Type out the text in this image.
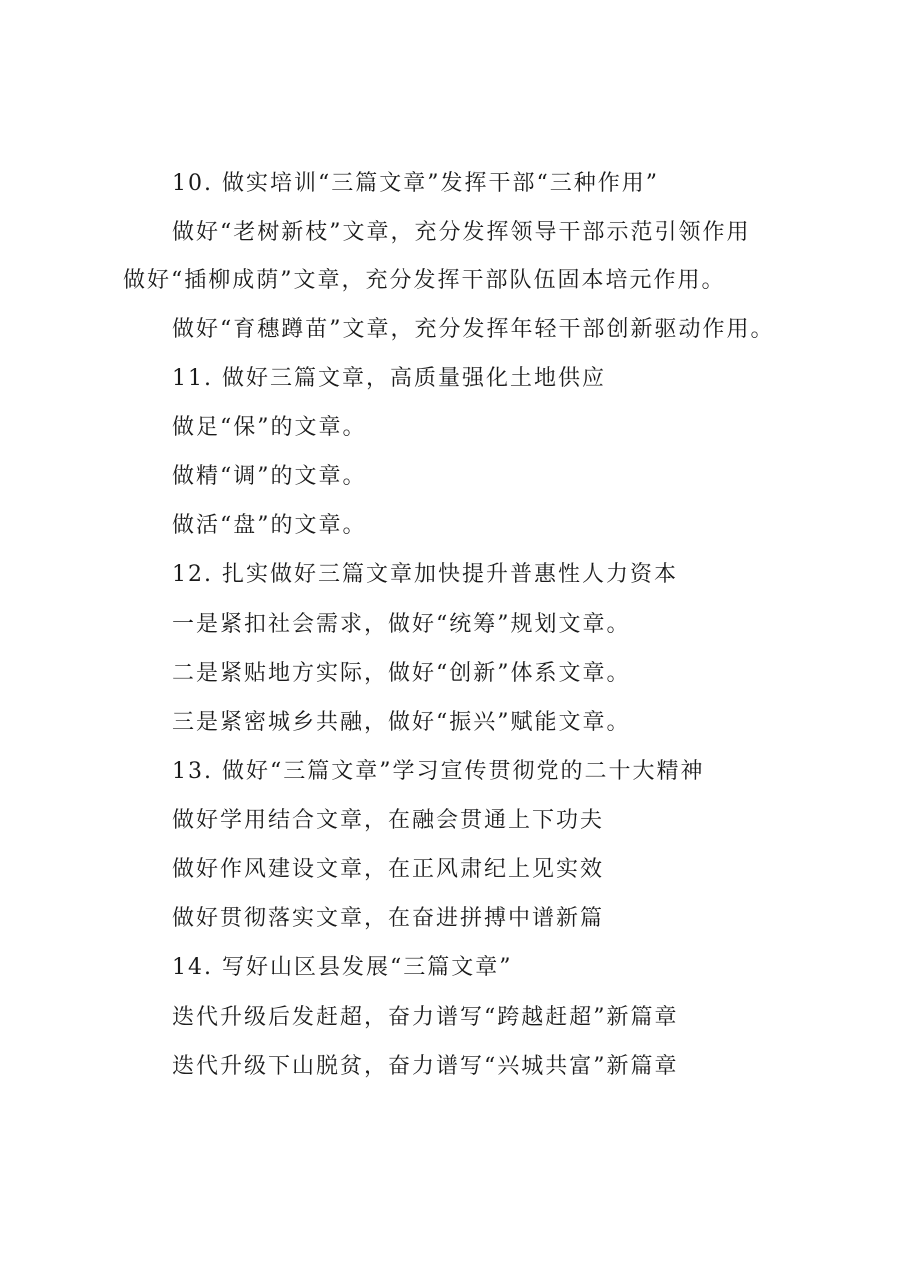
10. 做实培训“三篇文章”发挥干部“三种作用”
做好“老树新枝”文章，充分发挥领导干部示范引领作用
做好“插柳成荫”文章，充分发挥干部队伍固本培元作用。
做好“育穗蹲苗”文章，充分发挥年轻干部创新驱动作用。
11. 做好三篇文章，高质量强化土地供应
做足“保”的文章。
做精“调”的文章。
做活“盘”的文章。
12. 扎实做好三篇文章加快提升普惠性人力资本
一是紧扣社会需求，做好“统筹”规划文章。
二是紧贴地方实际，做好“创新”体系文章。
三是紧密城乡共融，做好“振兴”赋能文章。
13. 做好“三篇文章”学习宣传贯彻党的二十大精神
做好学用结合文章，在融会贯通上下功夫
做好作风建设文章，在正风肃纪上见实效
做好贯彻落实文章，在奋进拼搏中谱新篇
14. 写好山区县发展“三篇文章”
迭代升级后发赶超，奋力谱写“跨越赶超”新篇章
迭代升级下山脱贫，奋力谱写“兴城共富”新篇章
